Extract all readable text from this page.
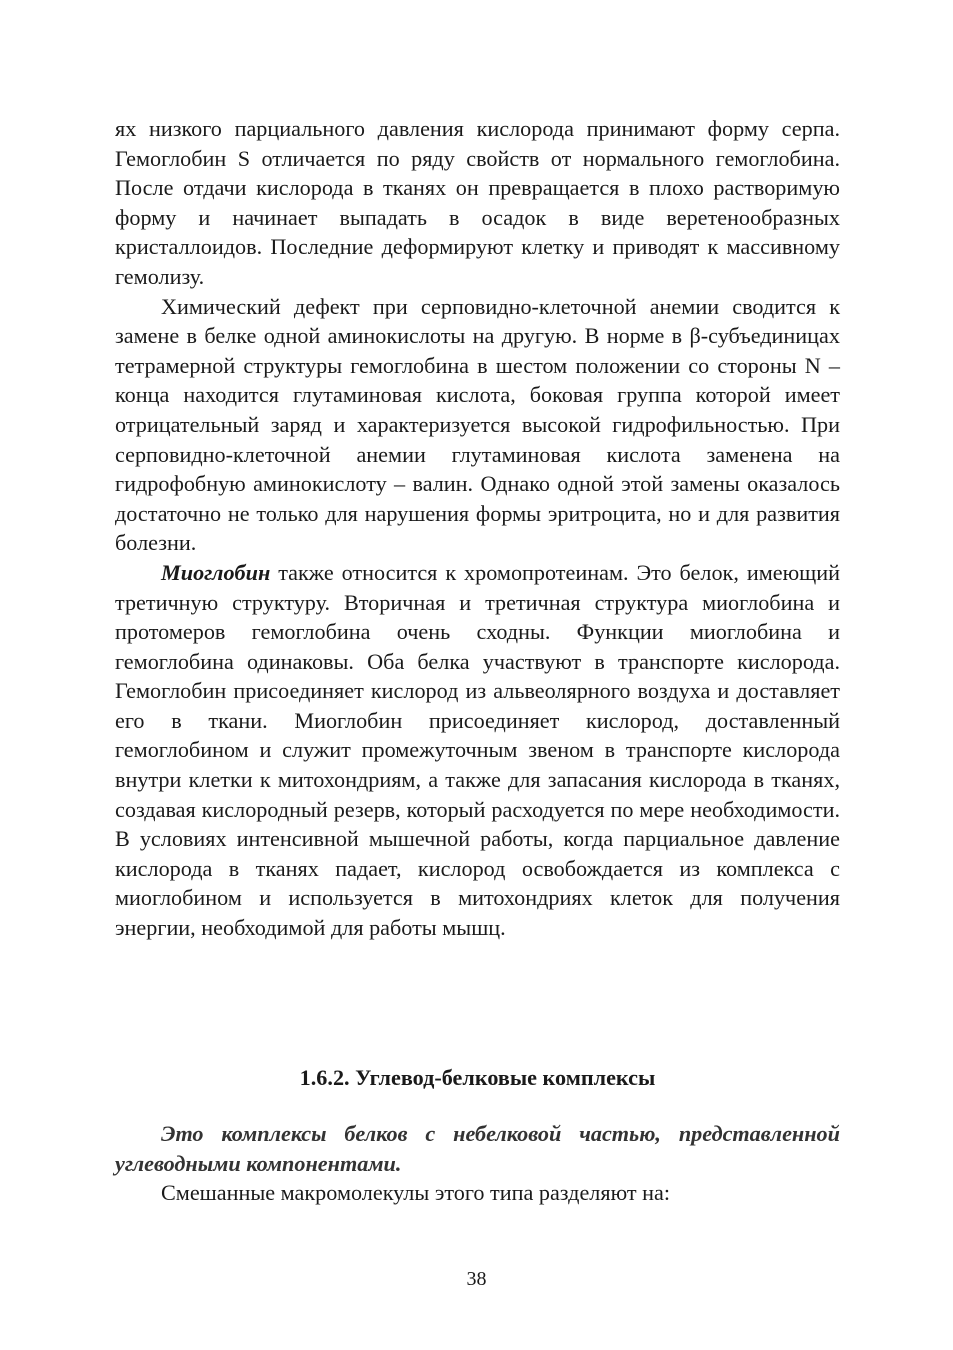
ях низкого парциального давления кислорода принимают форму серпа. Гемоглобин S отличается по ряду свойств от нормального гемоглобина. После отдачи кислорода в тканях он превращается в плохо растворимую форму и начинает выпадать в осадок в виде веретенообразных кристаллоидов. Последние деформируют клетку и приводят к массивному гемолизу.

Химический дефект при серповидно-клеточной анемии сводится к замене в белке одной аминокислоты на другую. В норме в β-субъединицах тетрамерной структуры гемоглобина в шестом положении со стороны N – конца находится глутаминовая кислота, боковая группа которой имеет отрицательный заряд и характеризуется высокой гидрофильностью. При серповидно-клеточной анемии глутаминовая кислота заменена на гидрофобную аминокислоту – валин. Однако одной этой замены оказалось достаточно не только для нарушения формы эритроцита, но и для развития болезни.

Миоглобин также относится к хромопротеинам. Это белок, имеющий третичную структуру. Вторичная и третичная структура миоглобина и протомеров гемоглобина очень сходны. Функции миоглобина и гемоглобина одинаковы. Оба белка участвуют в транспорте кислорода. Гемоглобин присоединяет кислород из альвеолярного воздуха и доставляет его в ткани. Миоглобин присоединяет кислород, доставленный гемоглобином и служит промежуточным звеном в транспорте кислорода внутри клетки к митохондриям, а также для запасания кислорода в тканях, создавая кислородный резерв, который расходуется по мере необходимости. В условиях интенсивной мышечной работы, когда парциальное давление кислорода в тканях падает, кислород освобождается из комплекса с миоглобином и используется в митохондриях клеток для получения энергии, необходимой для работы мышц.

1.6.2. Углевод-белковые комплексы

Это комплексы белков с небелковой частью, представленной углеводными компонентами.

Смешанные макромолекулы этого типа разделяют на:

38
